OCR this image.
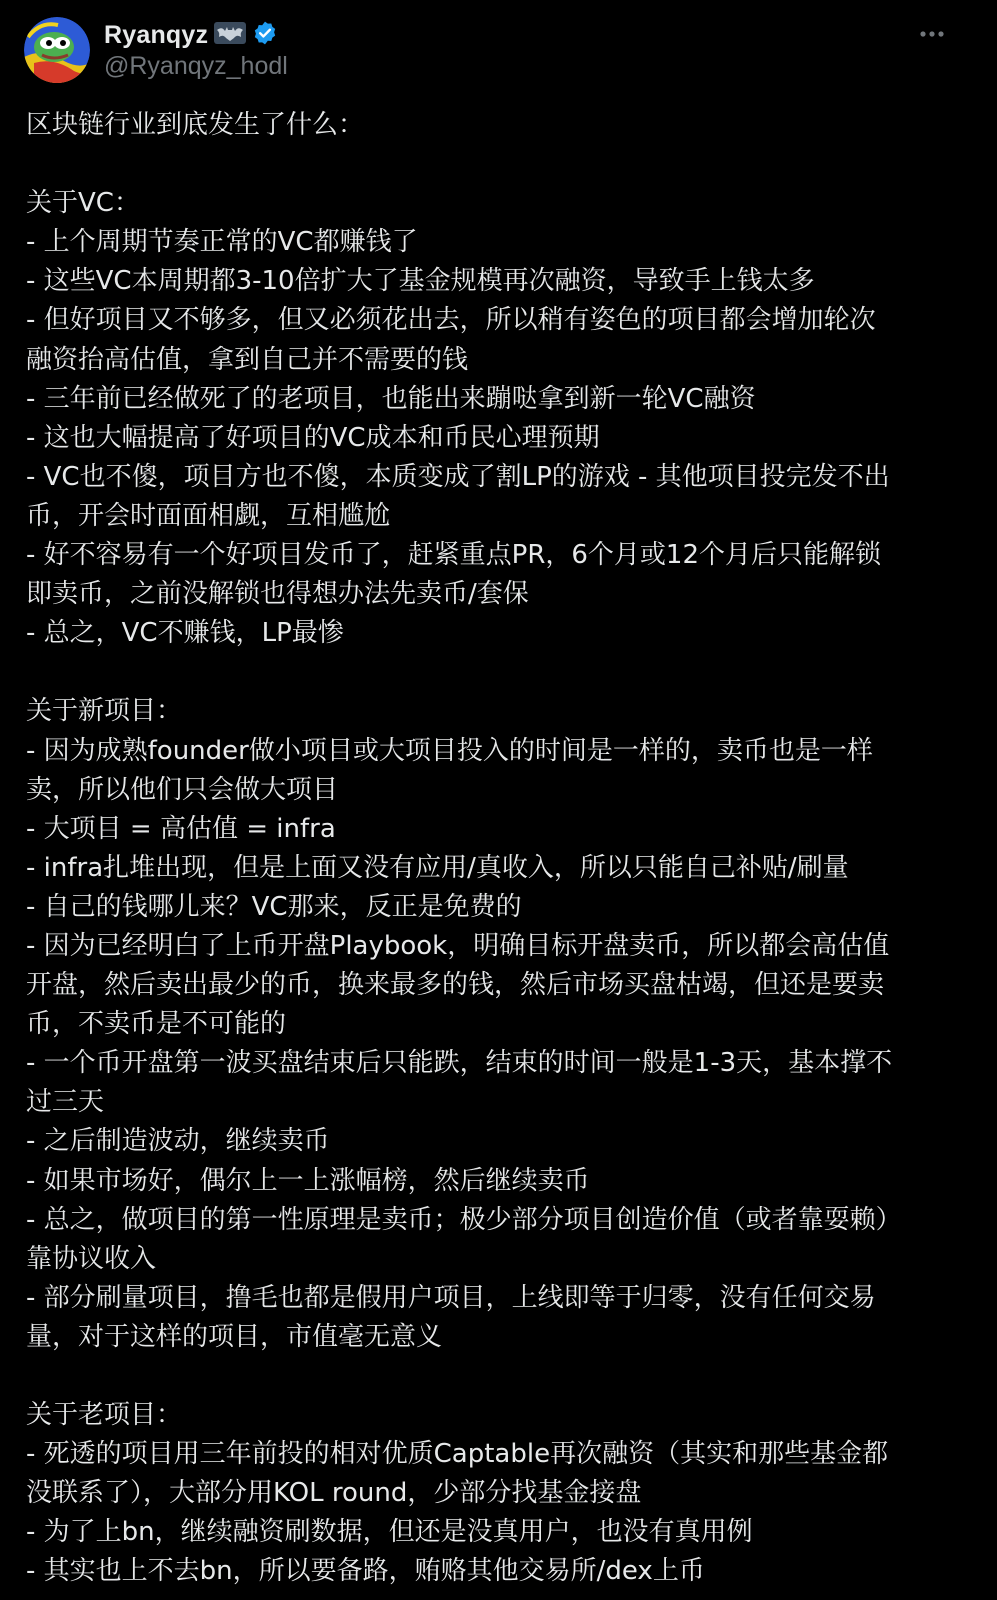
Ryanqyz
@Ryanqyz_hodl
区块链行业到底发生了什么：
关于VC：
- 上个周期节奏正常的VC都赚钱了
- 这些VC本周期都3-10倍扩大了基金规模再次融资，导致手上钱太多
- 但好项目又不够多，但又必须花出去，所以稍有姿色的项目都会增加轮次
融资抬高估值，拿到自己并不需要的钱
- 三年前已经做死了的老项目，也能出来蹦哒拿到新一轮VC融资
- 这也大幅提高了好项目的VC成本和币民心理预期
- VC也不傻，项目方也不傻，本质变成了割LP的游戏 - 其他项目投完发不出
币，开会时面面相觑，互相尴尬
- 好不容易有一个好项目发币了，赶紧重点PR，6个月或12个月后只能解锁
即卖币，之前没解锁也得想办法先卖币/套保
- 总之，VC不赚钱，LP最惨
关于新项目：
- 因为成熟founder做小项目或大项目投入的时间是一样的，卖币也是一样
卖，所以他们只会做大项目
- 大项目 = 高估值 = infra
- infra扎堆出现，但是上面又没有应用/真收入，所以只能自己补贴/刷量
- 自己的钱哪儿来？VC那来，反正是免费的
- 因为已经明白了上币开盘Playbook，明确目标开盘卖币，所以都会高估值
开盘，然后卖出最少的币，换来最多的钱，然后市场买盘枯竭，但还是要卖
币，不卖币是不可能的
- 一个币开盘第一波买盘结束后只能跌，结束的时间一般是1-3天，基本撑不
过三天
- 之后制造波动，继续卖币
- 如果市场好，偶尔上一上涨幅榜，然后继续卖币
- 总之，做项目的第一性原理是卖币；极少部分项目创造价值（或者靠耍赖）
靠协议收入
- 部分刷量项目，撸毛也都是假用户项目，上线即等于归零，没有任何交易
量，对于这样的项目，市值毫无意义
关于老项目：
- 死透的项目用三年前投的相对优质Captable再次融资（其实和那些基金都
没联系了），大部分用KOL round，少部分找基金接盘
- 为了上bn，继续融资刷数据，但还是没真用户，也没有真用例
- 其实也上不去bn，所以要备路，贿赂其他交易所/dex上币
